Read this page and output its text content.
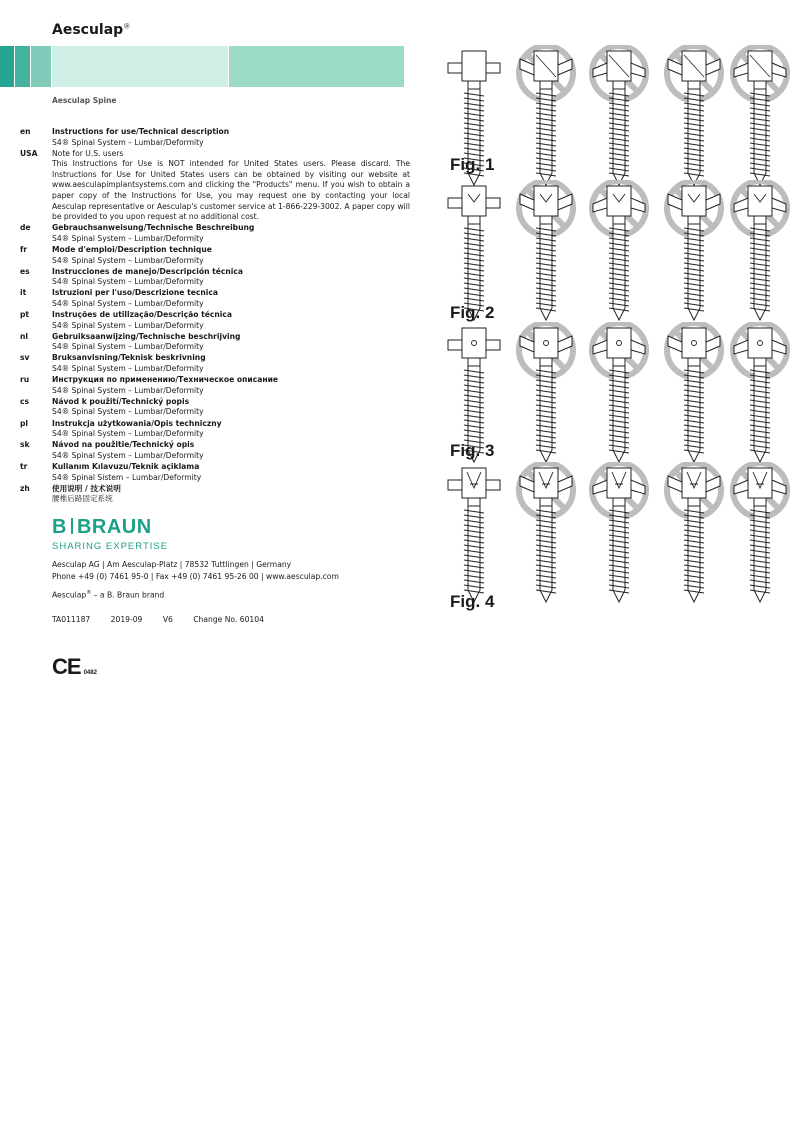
Aesculap®
Aesculap Spine
en	Instructions for use/Technical description
S4® Spinal System – Lumbar/Deformity
USA	Note for U.S. users
This Instructions for Use is NOT intended for United States users. Please discard. The Instructions for Use for United States users can be obtained by visiting our website at www.aesculapimplantsystems.com and clicking the "Products" menu. If you wish to obtain a paper copy of the Instructions for Use, you may request one by contacting your local Aesculap representative or Aesculap's customer service at 1-866-229-3002. A paper copy will be provided to you upon request at no additional cost.
de	Gebrauchsanweisung/Technische Beschreibung
S4® Spinal System – Lumbar/Deformity
fr	Mode d'emploi/Description technique
S4® Spinal System – Lumbar/Deformity
es	Instrucciones de manejo/Descripción técnica
S4® Spinal System – Lumbar/Deformity
it	Istruzioni per l'uso/Descrizione tecnica
S4® Spinal System – Lumbar/Deformity
pt	Instruções de utilização/Descrição técnica
S4® Spinal System – Lumbar/Deformity
nl	Gebruiksaanwijzing/Technische beschrijving
S4® Spinal System – Lumbar/Deformity
sv	Bruksanvisning/Teknisk beskrivning
S4® Spinal System – Lumbar/Deformity
ru	Инструкция по применению/Техническое описание
S4® Spinal System – Lumbar/Deformity
cs	Návod k použití/Technický popis
S4® Spinal System – Lumbar/Deformity
pl	Instrukcja użytkowania/Opis techniczny
S4® Spinal System – Lumbar/Deformity
sk	Návod na použitie/Technický opis
S4® Spinal System – Lumbar/Deformity
tr	Kullanım Kılavuzu/Teknik açiklama
S4® Spinal Sistem – Lumbar/Deformity
zh	使用说明 / 技术说明
腰椎后路固定系统
B BRAUN
SHARING EXPERTISE
Aesculap AG | Am Aesculap-Platz | 78532 Tuttlingen | Germany
Phone +49 (0) 7461 95-0 | Fax +49 (0) 7461 95-26 00 | www.aesculap.com
Aesculap® – a B. Braun brand
TA011187	2019-09	V6	Change No. 60104
CE 0482
Fig. 1
Fig. 2
Fig. 3
Fig. 4
